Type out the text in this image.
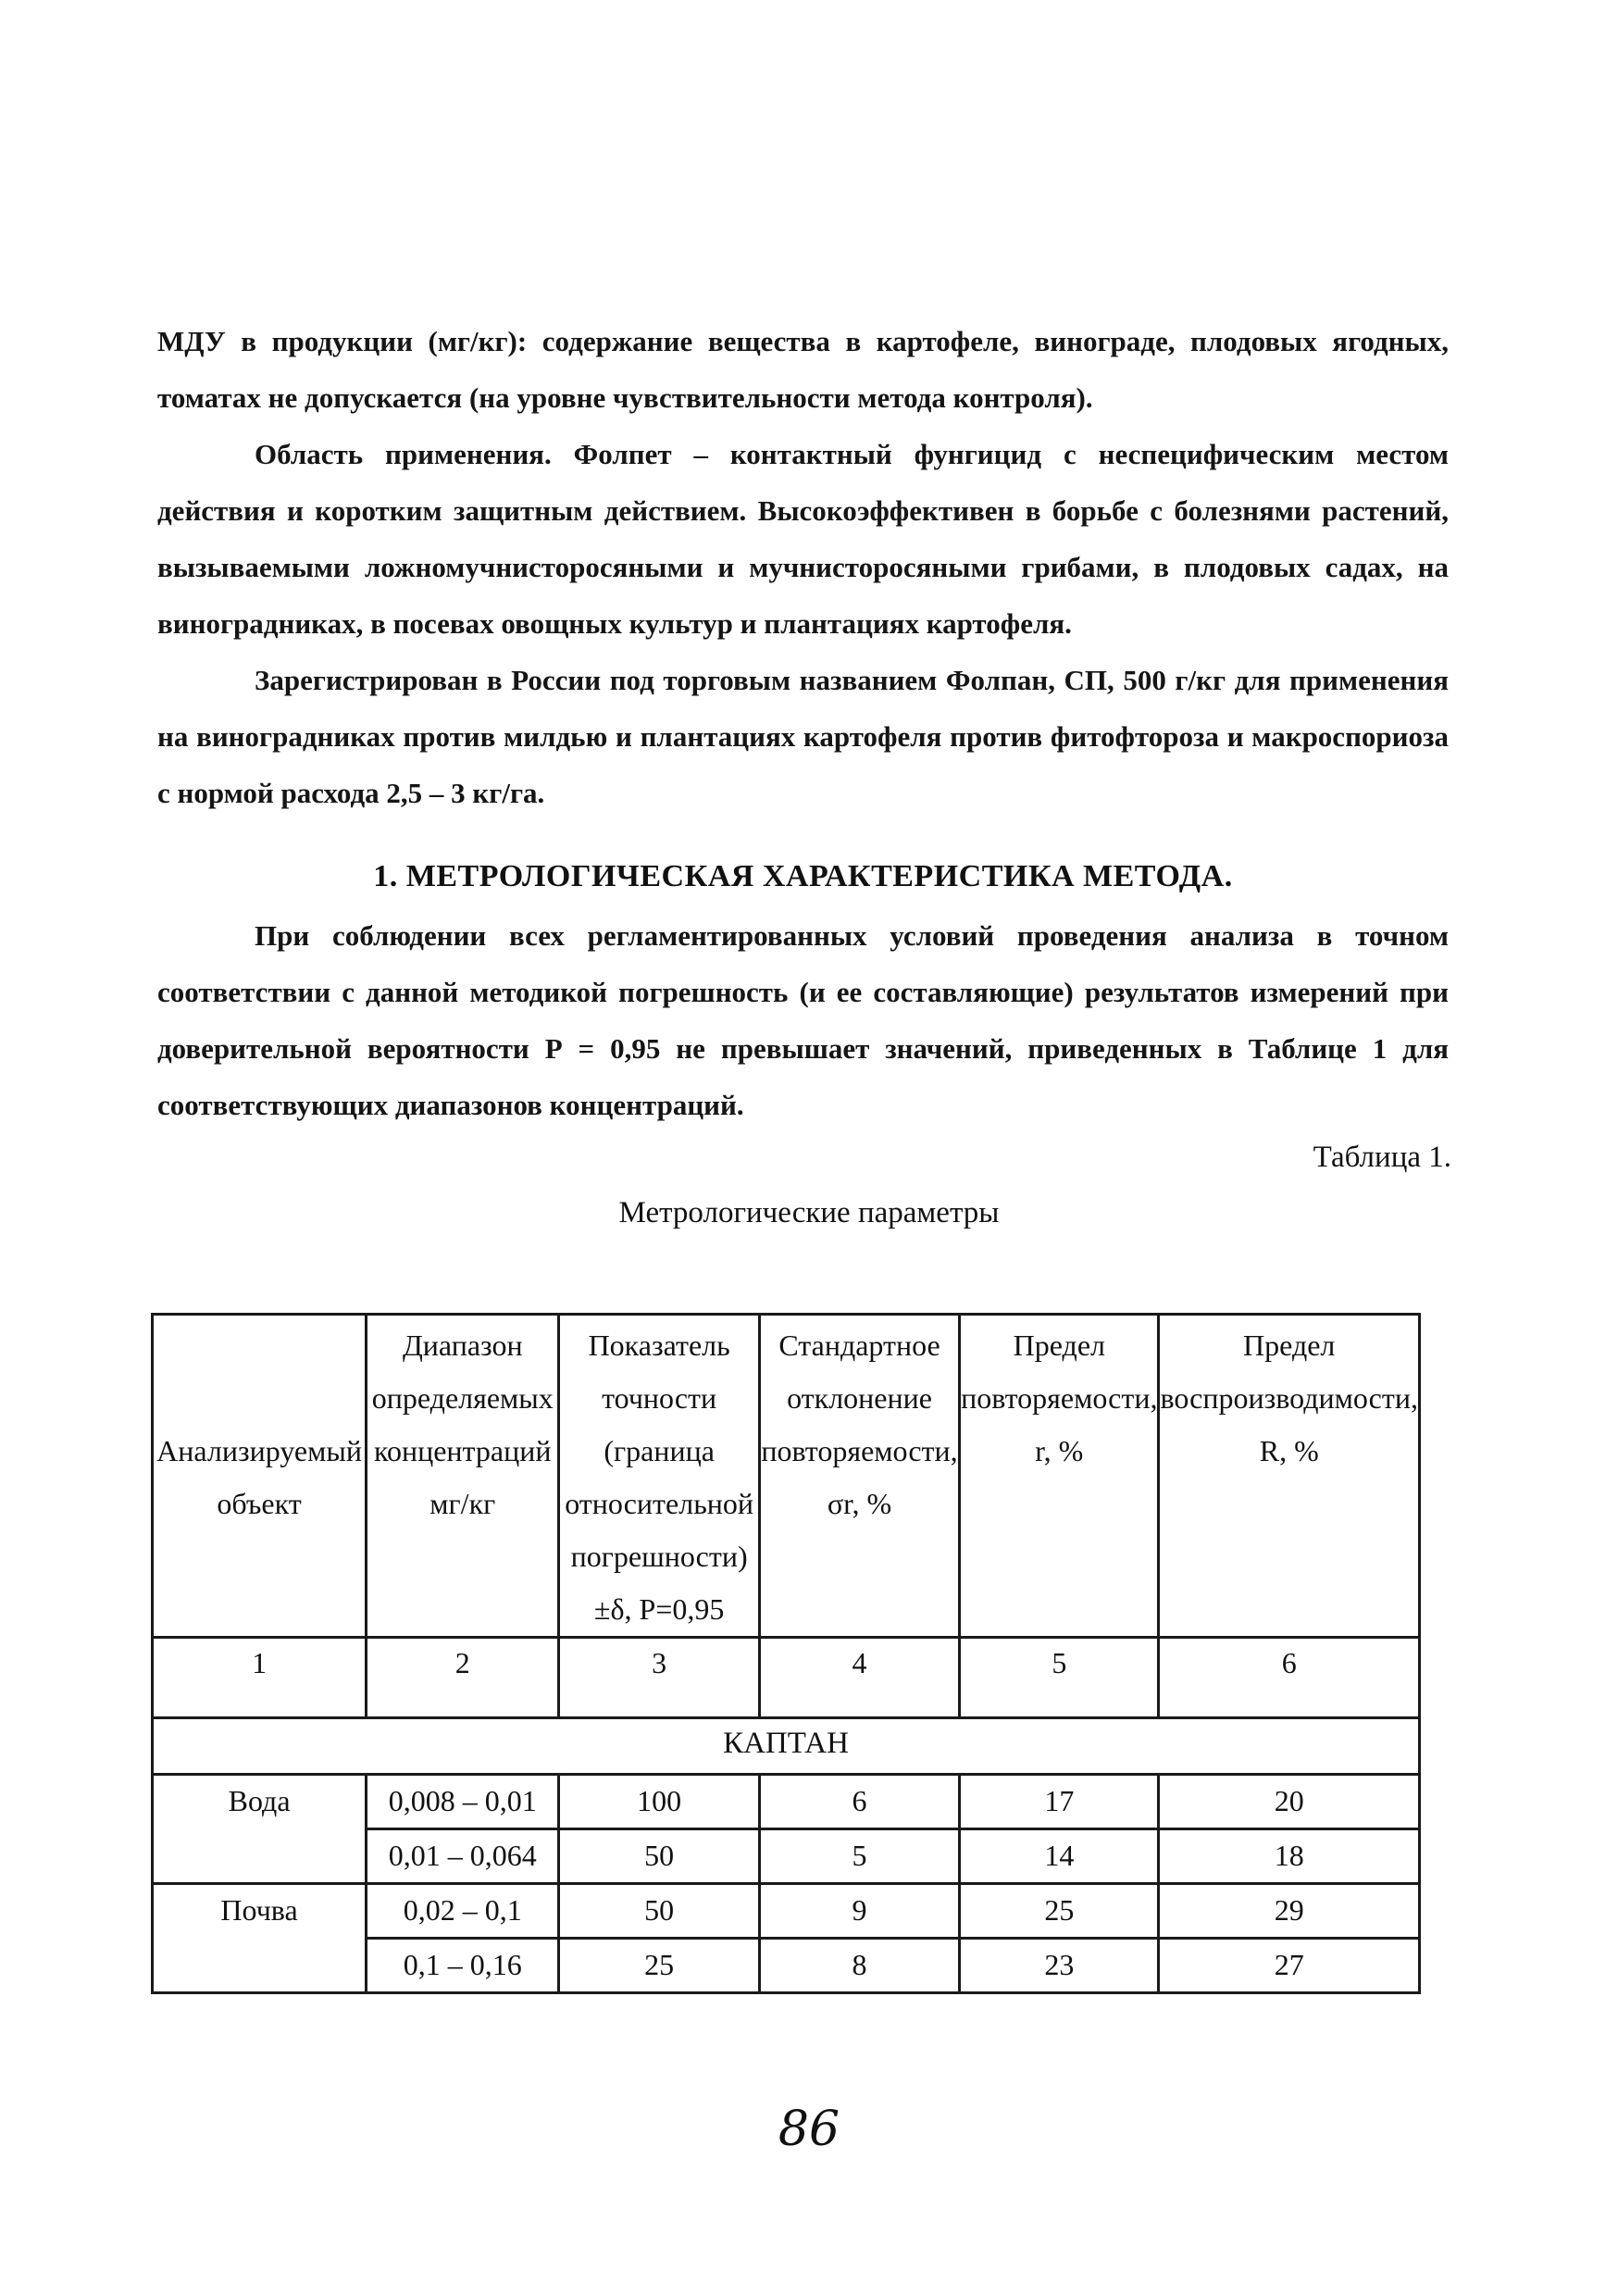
МДУ в продукции (мг/кг): содержание вещества в картофеле, винограде, плодовых ягодных, томатах не допускается (на уровне чувствительности метода контроля).

Область применения. Фолпет – контактный фунгицид с неспецифическим местом действия и коротким защитным действием. Высокоэффективен в борьбе с болезнями растений, вызываемыми ложномучнисторосяными и мучнисторосяными грибами, в плодовых садах, на виноградниках, в посевах овощных культур и плантациях картофеля.

Зарегистрирован в России под торговым названием Фолпан, СП, 500 г/кг для применения на виноградниках против милдью и плантациях картофеля против фитофтороза и макроспориоза с нормой расхода 2,5 – 3 кг/га.

1. МЕТРОЛОГИЧЕСКАЯ ХАРАКТЕРИСТИКА МЕТОДА.

При соблюдении всех регламентированных условий проведения анализа в точном соответствии с данной методикой погрешность (и ее составляющие) результатов измерений при доверительной вероятности Р = 0,95 не превышает значений, приведенных в Таблице 1 для соответствующих диапазонов концентраций.

Таблица 1.
Метрологические параметры
Анализируемый объект	Диапазон определяемых концентраций мг/кг	Показатель точности (граница относительной погрешности) ±δ, Р=0,95	Стандартное отклонение повторяемости, σr, %	Предел повторяемости, r, %	Предел воспроизводимости, R, %
1	2	3	4	5	6
КАПТАН					
Вода	0,008 – 0,01	100	6	17	20
	0,01 – 0,064	50	5	14	18
Почва	0,02 – 0,1	50	9	25	29
	0,1 – 0,16	25	8	23	27
86
